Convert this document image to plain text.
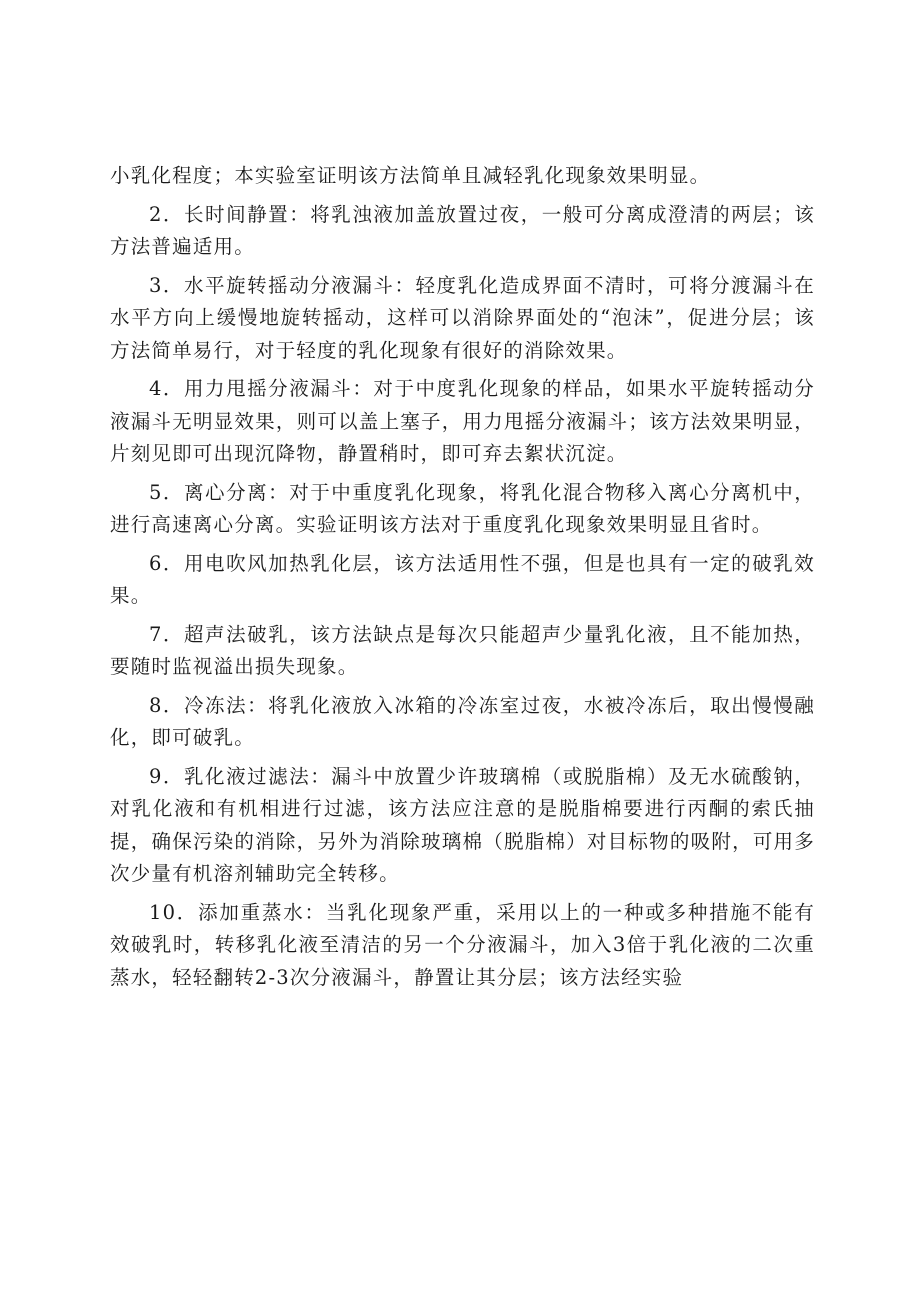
小乳化程度；本实验室证明该方法简单且减轻乳化现象效果明显。

2．长时间静置：将乳浊液加盖放置过夜，一般可分离成澄清的两层；该方法普遍适用。

3．水平旋转摇动分液漏斗：轻度乳化造成界面不清时，可将分渡漏斗在水平方向上缓慢地旋转摇动，这样可以消除界面处的“泡沫”，促进分层；该方法简单易行，对于轻度的乳化现象有很好的消除效果。

4．用力甩摇分液漏斗：对于中度乳化现象的样品，如果水平旋转摇动分液漏斗无明显效果，则可以盖上塞子，用力甩摇分液漏斗；该方法效果明显，片刻见即可出现沉降物，静置稍时，即可弃去絮状沉淀。

5．离心分离：对于中重度乳化现象，将乳化混合物移入离心分离机中，进行高速离心分离。实验证明该方法对于重度乳化现象效果明显且省时。

6．用电吹风加热乳化层，该方法适用性不强，但是也具有一定的破乳效果。

7．超声法破乳，该方法缺点是每次只能超声少量乳化液，且不能加热，要随时监视溢出损失现象。

8．冷冻法：将乳化液放入冰箱的冷冻室过夜，水被冷冻后，取出慢慢融化，即可破乳。

9．乳化液过滤法：漏斗中放置少许玻璃棉（或脱脂棉）及无水硫酸钠，对乳化液和有机相进行过滤，该方法应注意的是脱脂棉要进行丙酮的索氏抽提，确保污染的消除，另外为消除玻璃棉（脱脂棉）对目标物的吸附，可用多次少量有机溶剂辅助完全转移。

10．添加重蒸水：当乳化现象严重，采用以上的一种或多种措施不能有效破乳时，转移乳化液至清洁的另一个分液漏斗，加入3倍于乳化液的二次重蒸水，轻轻翻转2-3次分液漏斗，静置让其分层；该方法经实验
